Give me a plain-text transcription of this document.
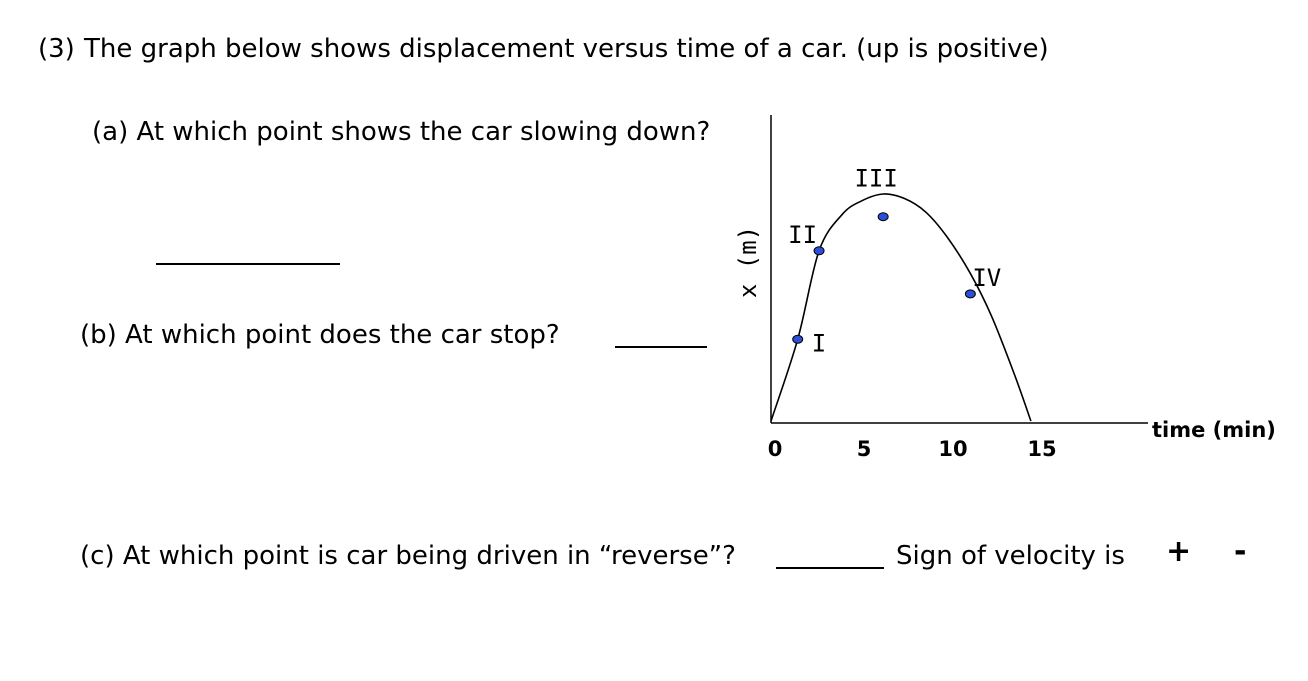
(3) The graph below shows displacement versus time of a car. (up is positive)
(a) At which point shows the car slowing down?
(b) At which point does the car stop?
(c) At which point is car being driven in “reverse”?	Sign of velocity is + -
x (m)
time (min)
0	5	10	15
I
II
III
IV
